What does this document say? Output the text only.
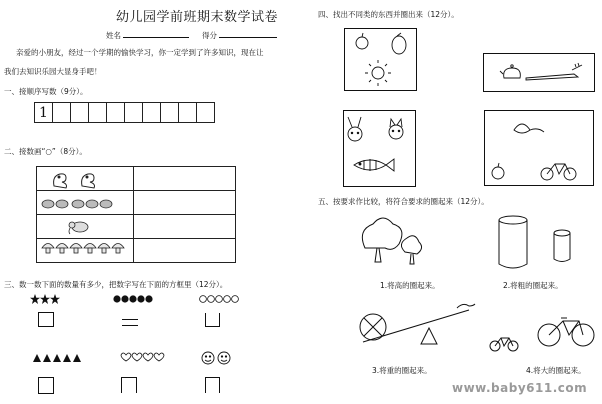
幼儿园学前班期末数学试卷
姓名	得分
亲爱的小朋友，经过一个学期的愉快学习，你一定学到了许多知识，现在让
我们去知识乐园大显身手吧！
一、接顺序写数（9分）。
1									
二、接数画“○”（8分）。

三、数一数下面的数量有多少，把数字写在下面的方框里（12分）。
四、找出不同类的东西并圈出来（12分）。
五、按要求作比较，将符合要求的圈起来（12分）。
1.将高的圈起来。	2.将粗的圈起来。
3.将重的圈起来。	4.将大的圈起来。
www.baby611.com
